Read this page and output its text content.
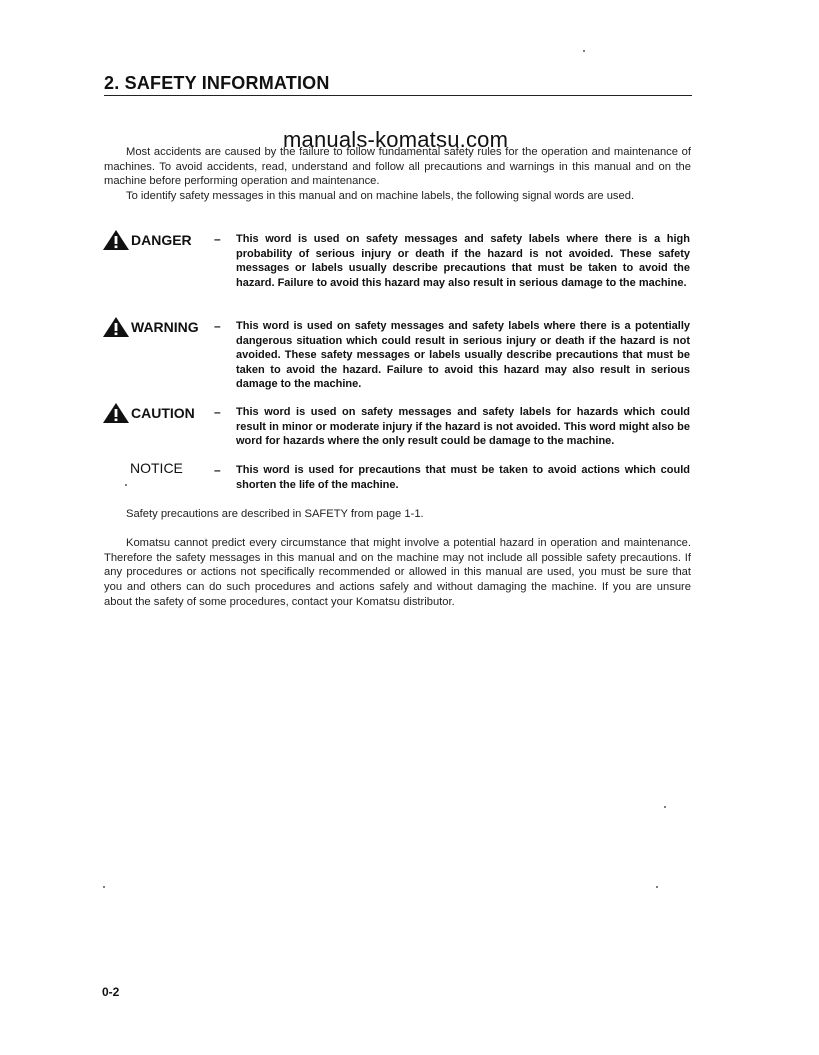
2. SAFETY INFORMATION
manuals-komatsu.com

Most accidents are caused by the failure to follow fundamental safety rules for the operation and maintenance of machines. To avoid accidents, read, understand and follow all precautions and warnings in this manual and on the machine before performing operation and maintenance.

To identify safety messages in this manual and on machine labels, the following signal words are used.

DANGER – This word is used on safety messages and safety labels where there is a high probability of serious injury or death if the hazard is not avoided. These safety messages or labels usually describe precautions that must be taken to avoid the hazard. Failure to avoid this hazard may also result in serious damage to the machine.

WARNING – This word is used on safety messages and safety labels where there is a potentially dangerous situation which could result in serious injury or death if the hazard is not avoided. These safety messages or labels usually describe precautions that must be taken to avoid the hazard. Failure to avoid this hazard may also result in serious damage to the machine.

CAUTION – This word is used on safety messages and safety labels for hazards which could result in minor or moderate injury if the hazard is not avoided. This word might also be word for hazards where the only result could be damage to the machine.

NOTICE	– This word is used for precautions that must be taken to avoid actions which could shorten the life of the machine.

Safety precautions are described in SAFETY from page 1-1.

Komatsu cannot predict every circumstance that might involve a potential hazard in operation and maintenance. Therefore the safety messages in this manual and on the machine may not include all possible safety precautions. If any procedures or actions not specifically recommended or allowed in this manual are used, you must be sure that you and others can do such procedures and actions safely and without damaging the machine. If you are unsure about the safety of some procedures, contact your Komatsu distributor.

0-2
